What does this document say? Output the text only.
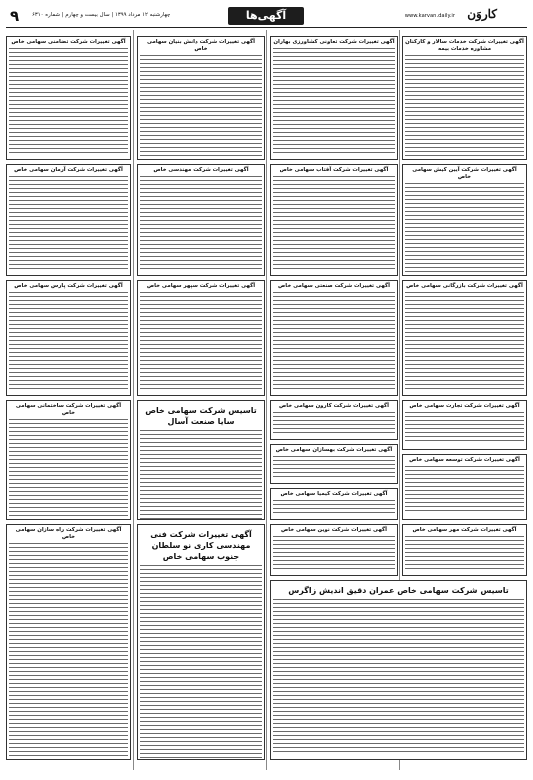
۹ چهارشنبه ۱۲ مرداد ۱۳۹۹ | سال بیست و چهارم | شماره ۶۳۱۰	آگهی‌ها	www.karvan.daily.ir کاروَن
آگهی تغییرات شرکت خدمات سالار و کارکنان مشاوره خدمات بیمه
آگهی تغییرات شرکت تعاونی کشاورزی بهاران
آگهی تغییرات شرکت دانش بنیان سهامی خاص
آگهی تغییرات شرکت تضامنی سهامی خاص
آگهی تغییرات شرکت آیین کیش سهامی خاص
آگهی تغییرات شرکت آفتاب سهامی خاص
آگهی تغییرات شرکت مهندسی خاص
آگهی تغییرات شرکت آرمان سهامی خاص
آگهی تغییرات شرکت بازرگانی سهامی خاص
آگهی تغییرات شرکت صنعتی سهامی خاص
آگهی تغییرات شرکت سپهر سهامی خاص
آگهی تغییرات شرکت پارس سهامی خاص
تاسیس شرکت سهامی خاص سایا صنعت آسال
آگهی تغییرات شرکت ساختمانی سهامی خاص
آگهی تغییرات شرکت کارون سهامی خاص
آگهی تغییرات شرکت بهسازان سهامی خاص
آگهی تغییرات شرکت کیمیا سهامی خاص
آگهی تغییرات شرکت تجارت سهامی خاص
آگهی تغییرات شرکت توسعه سهامی خاص
آگهی تغییرات شرکت مهر سهامی خاص
آگهی تغییرات شرکت نوین سهامی خاص
آگهی تغییرات شرکت فنی مهندسی کاری نو سلطان جنوب سهامی خاص
آگهی تغییرات شرکت راه سازان سهامی خاص
تاسیس شرکت سهامی خاص عمران دقیق اندیش زاگرس
